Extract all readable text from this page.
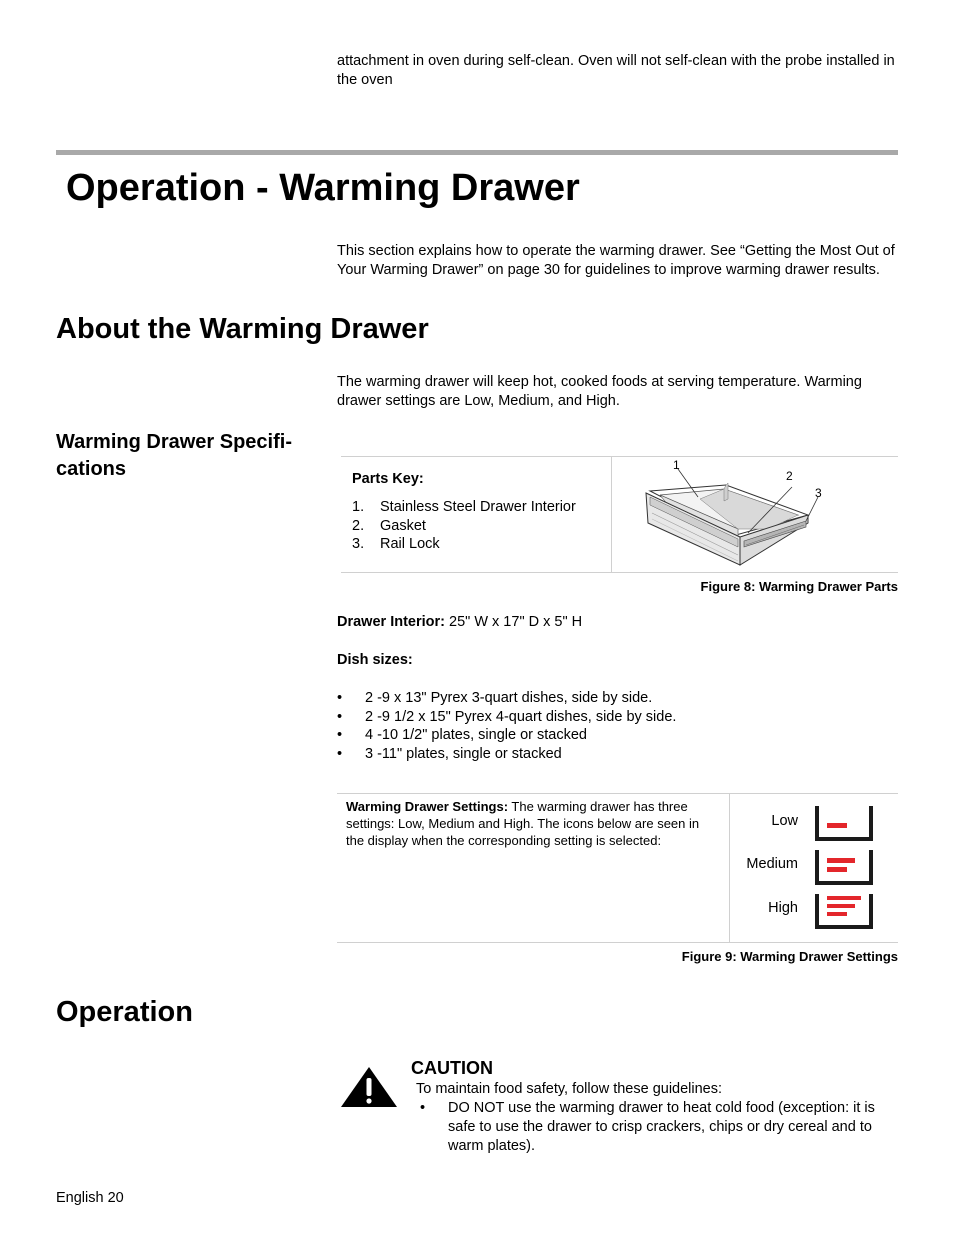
attachment in oven during self-clean. Oven will not self-clean with the probe installed in the oven
Operation - Warming Drawer
This section explains how to operate the warming drawer. See “Getting the Most Out of Your Warming Drawer” on page 30 for guidelines to improve warming drawer results.
About the Warming Drawer
The warming drawer will keep hot, cooked foods at serving temperature. Warming drawer settings are Low, Medium, and High.
Warming Drawer Specifi-
cations	Parts Key:
1. Stainless Steel Drawer Interior
2. Gasket
3. Rail Lock
1
2
3
Figure 8: Warming Drawer Parts
Drawer Interior: 25" W x 17" D x 5" H
Dish sizes:
• 2 -9 x 13" Pyrex 3-quart dishes, side by side.
• 2 -9 1/2 x 15" Pyrex 4-quart dishes, side by side.
• 4 -10 1/2" plates, single or stacked
• 3 -11" plates, single or stacked
Warming Drawer Settings: The warming drawer has three settings: Low, Medium and High. The icons below are seen in the display when the corresponding setting is selected:
Low
Medium
High
Figure 9: Warming Drawer Settings
Operation
CAUTION
To maintain food safety, follow these guidelines:
• DO NOT use the warming drawer to heat cold food (exception: it is safe to use the drawer to crisp crackers, chips or dry cereal and to warm plates).
English 20
